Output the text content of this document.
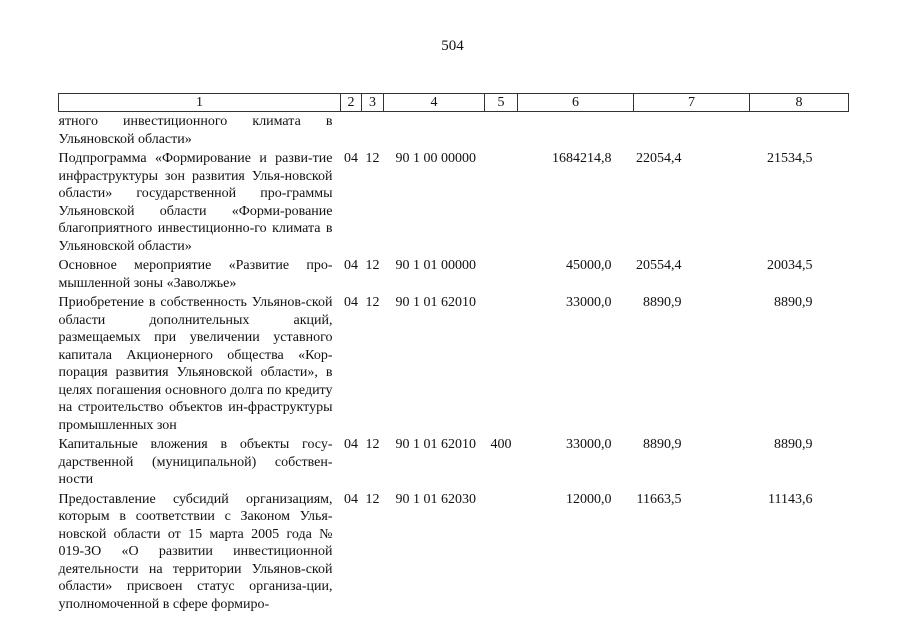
504
1	2	3	4	5	6	7	8
ятного инвестиционного климата в Ульяновской области»							
Подпрограмма «Формирование и разви-тие инфраструктуры зон развития Улья-новской области» государственной про-граммы Ульяновской области «Форми-рование благоприятного инвестиционно-го климата в Ульяновской области»	04	12	90 1 00 00000		1684214,8	22054,4	21534,5
Основное мероприятие «Развитие про-мышленной зоны «Заволжье»	04	12	90 1 01 00000		45000,0	20554,4	20034,5
Приобретение в собственность Ульянов-ской области дополнительных акций, размещаемых при увеличении уставного капитала Акционерного общества «Кор-порация развития Ульяновской области», в целях погашения основного долга по кредиту на строительство объектов ин-фраструктуры промышленных зон	04	12	90 1 01 62010		33000,0	8890,9	8890,9
Капитальные вложения в объекты госу-дарственной (муниципальной) собствен-ности	04	12	90 1 01 62010	400	33000,0	8890,9	8890,9
Предоставление субсидий организациям, которым в соответствии с Законом Улья-новской области от 15 марта 2005 года № 019-ЗО «О развитии инвестиционной деятельности на территории Ульянов-ской области» присвоен статус организа-ции, уполномоченной в сфере формиро-	04	12	90 1 01 62030		12000,0	11663,5	11143,6
